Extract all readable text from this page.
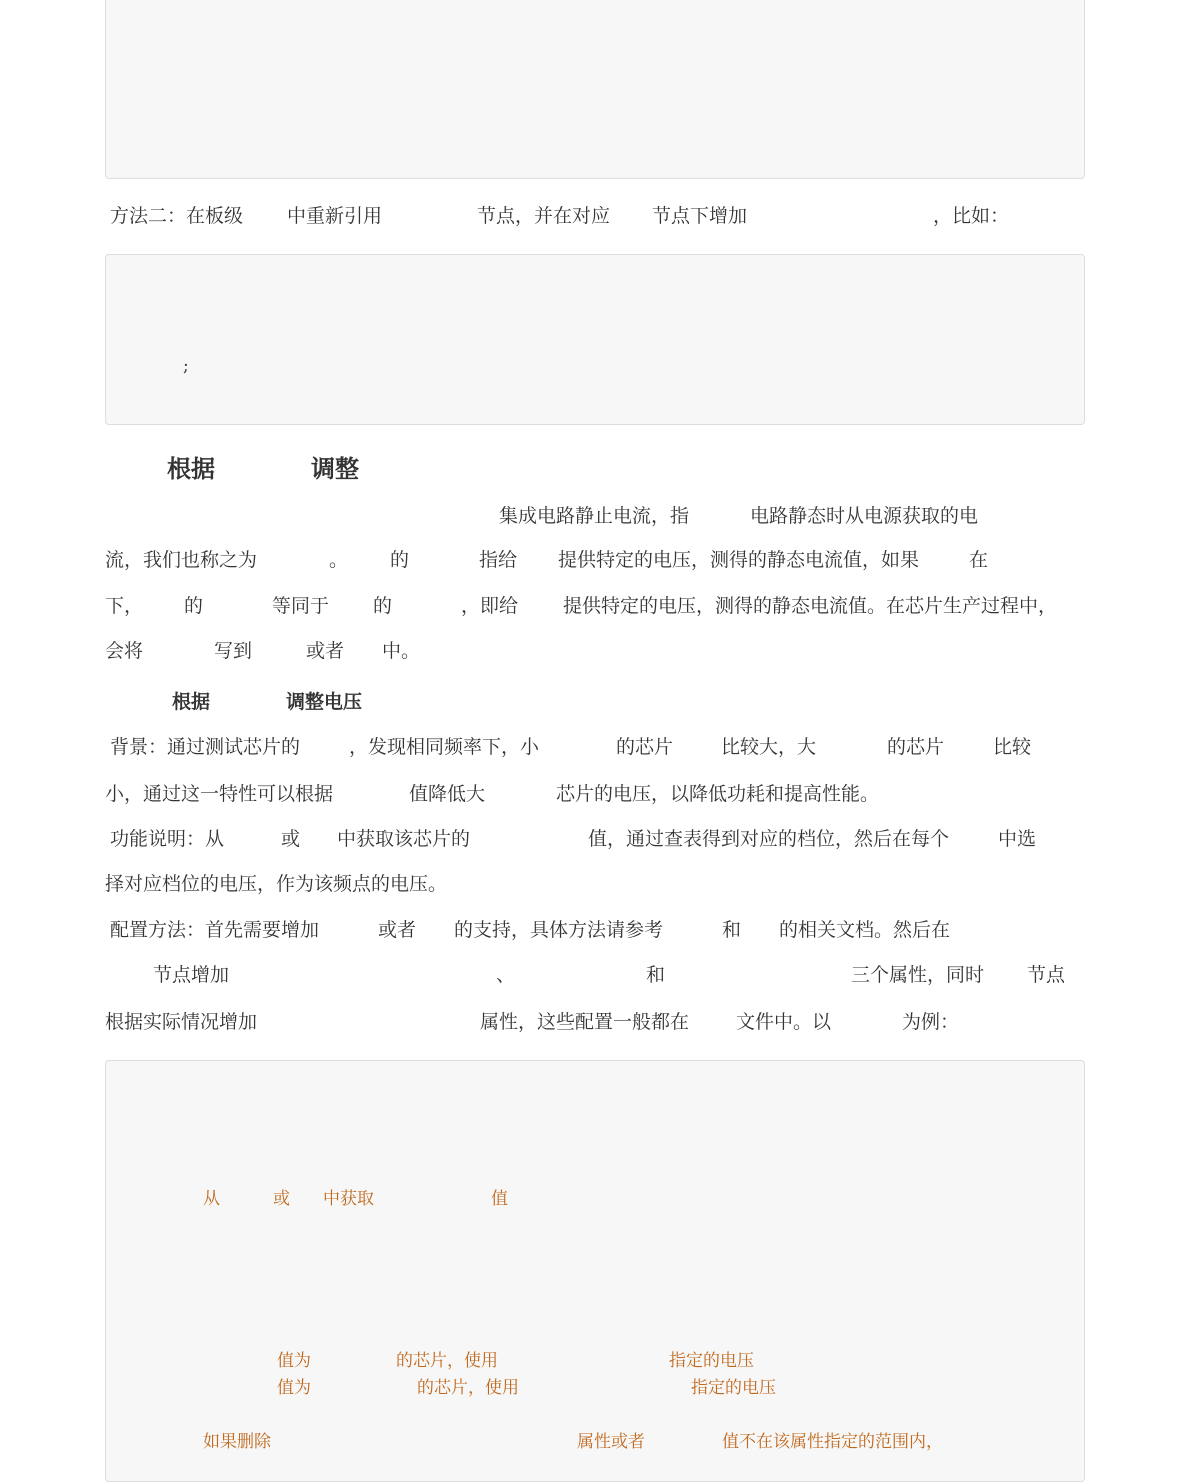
方法二：在板级 中重新引用	节点，并在对应 节点下增加	，比如：
;
根据	调整
集成电路静止电流，指	电路静态时从电源获取的电
流，我们也称之为	。 的	指给 提供特定的电压，测得的静态电流值，如果	在
下， 的	等同于 的	，即给 提供特定的电压，测得的静态电流值。在芯片生产过程中，
会将	写到	或者 中。
根据	调整电压
背景：通过测试芯片的	，发现相同频率下，小	的芯片	比较大，大	的芯片	比较
小，通过这一特性可以根据	值降低大	芯片的电压，以降低功耗和提高性能。
功能说明：从	或 中获取该芯片的	值，通过查表得到对应的档位，然后在每个	中选
择对应档位的电压，作为该频点的电压。
配置方法：首先需要增加	或者 的支持，具体方法请参考	和 的相关文档。然后在
节点增加	、	和	三个属性，同时 节点
根据实际情况增加	属性，这些配置一般都在 文件中。以	为例：
从	或 中获取	值
值为	的芯片，使用	指定的电压
值为	的芯片，使用	指定的电压
如果删除	属性或者	值不在该属性指定的范围内，
